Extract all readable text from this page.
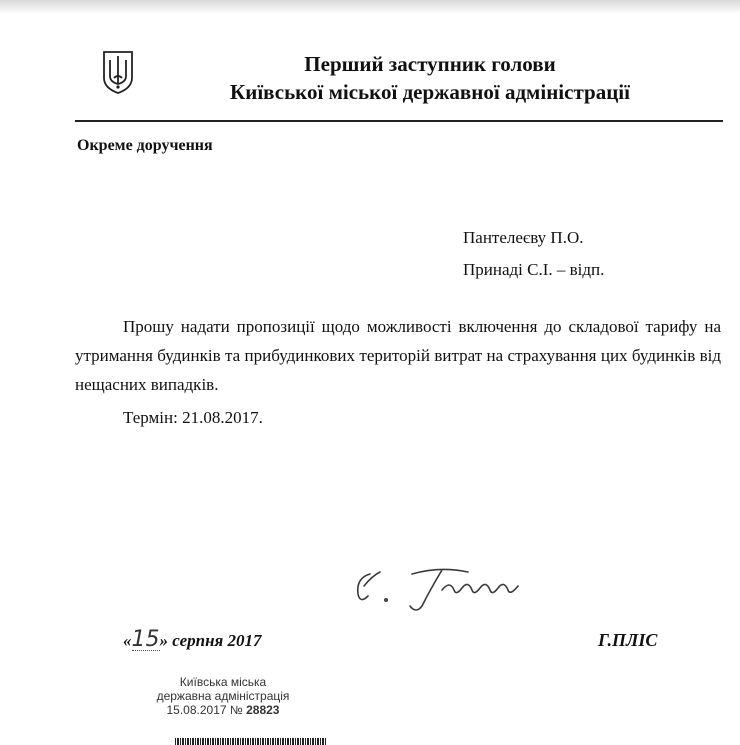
Перший заступник голови
Київської міської державної адміністрації
Окреме доручення
Пантелеєву П.О.
Принаді С.І. – відп.

Прошу надати пропозиції щодо можливості включення до складової тарифу на утримання будинків та прибудинкових територій витрат на страхування цих будинків від нещасних випадків.

Термін: 21.08.2017.
«15» серпня 2017	Г.ПЛІС
Київська міська
державна адміністрація
15.08.2017 № 28823
